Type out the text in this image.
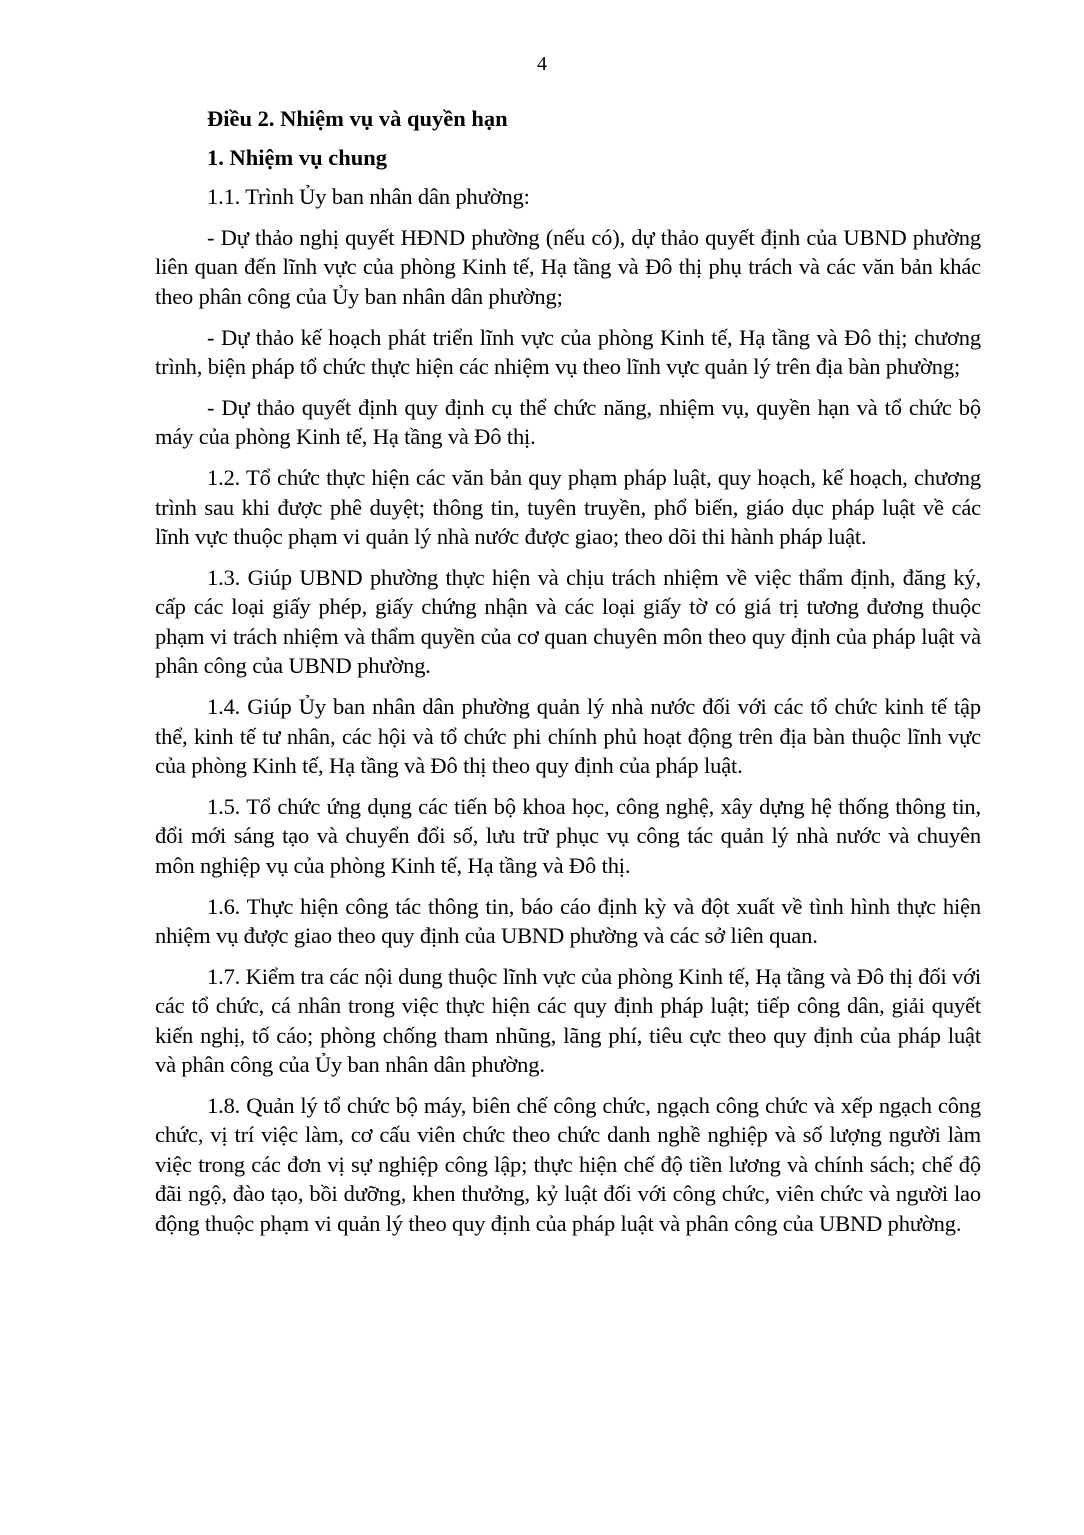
4
Điều 2. Nhiệm vụ và quyền hạn
1. Nhiệm vụ chung

1.1. Trình Ủy ban nhân dân phường:

- Dự thảo nghị quyết HĐND phường (nếu có), dự thảo quyết định của UBND phường liên quan đến lĩnh vực của phòng Kinh tế, Hạ tầng và Đô thị phụ trách và các văn bản khác theo phân công của Ủy ban nhân dân phường;

- Dự thảo kế hoạch phát triển lĩnh vực của phòng Kinh tế, Hạ tầng và Đô thị; chương trình, biện pháp tổ chức thực hiện các nhiệm vụ theo lĩnh vực quản lý trên địa bàn phường;

- Dự thảo quyết định quy định cụ thể chức năng, nhiệm vụ, quyền hạn và tổ chức bộ máy của phòng Kinh tế, Hạ tầng và Đô thị.

1.2. Tổ chức thực hiện các văn bản quy phạm pháp luật, quy hoạch, kế hoạch, chương trình sau khi được phê duyệt; thông tin, tuyên truyền, phổ biến, giáo dục pháp luật về các lĩnh vực thuộc phạm vi quản lý nhà nước được giao; theo dõi thi hành pháp luật.

1.3. Giúp UBND phường thực hiện và chịu trách nhiệm về việc thẩm định, đăng ký, cấp các loại giấy phép, giấy chứng nhận và các loại giấy tờ có giá trị tương đương thuộc phạm vi trách nhiệm và thẩm quyền của cơ quan chuyên môn theo quy định của pháp luật và phân công của UBND phường.

1.4. Giúp Ủy ban nhân dân phường quản lý nhà nước đối với các tổ chức kinh tế tập thể, kinh tế tư nhân, các hội và tổ chức phi chính phủ hoạt động trên địa bàn thuộc lĩnh vực của phòng Kinh tế, Hạ tầng và Đô thị theo quy định của pháp luật.

1.5. Tổ chức ứng dụng các tiến bộ khoa học, công nghệ, xây dựng hệ thống thông tin, đổi mới sáng tạo và chuyển đổi số, lưu trữ phục vụ công tác quản lý nhà nước và chuyên môn nghiệp vụ của phòng Kinh tế, Hạ tầng và Đô thị.

1.6. Thực hiện công tác thông tin, báo cáo định kỳ và đột xuất về tình hình thực hiện nhiệm vụ được giao theo quy định của UBND phường và các sở liên quan.

1.7. Kiểm tra các nội dung thuộc lĩnh vực của phòng Kinh tế, Hạ tầng và Đô thị đối với các tổ chức, cá nhân trong việc thực hiện các quy định pháp luật; tiếp công dân, giải quyết kiến nghị, tố cáo; phòng chống tham nhũng, lãng phí, tiêu cực theo quy định của pháp luật và phân công của Ủy ban nhân dân phường.

1.8. Quản lý tổ chức bộ máy, biên chế công chức, ngạch công chức và xếp ngạch công chức, vị trí việc làm, cơ cấu viên chức theo chức danh nghề nghiệp và số lượng người làm việc trong các đơn vị sự nghiệp công lập; thực hiện chế độ tiền lương và chính sách; chế độ đãi ngộ, đào tạo, bồi dưỡng, khen thưởng, kỷ luật đối với công chức, viên chức và người lao động thuộc phạm vi quản lý theo quy định của pháp luật và phân công của UBND phường.
